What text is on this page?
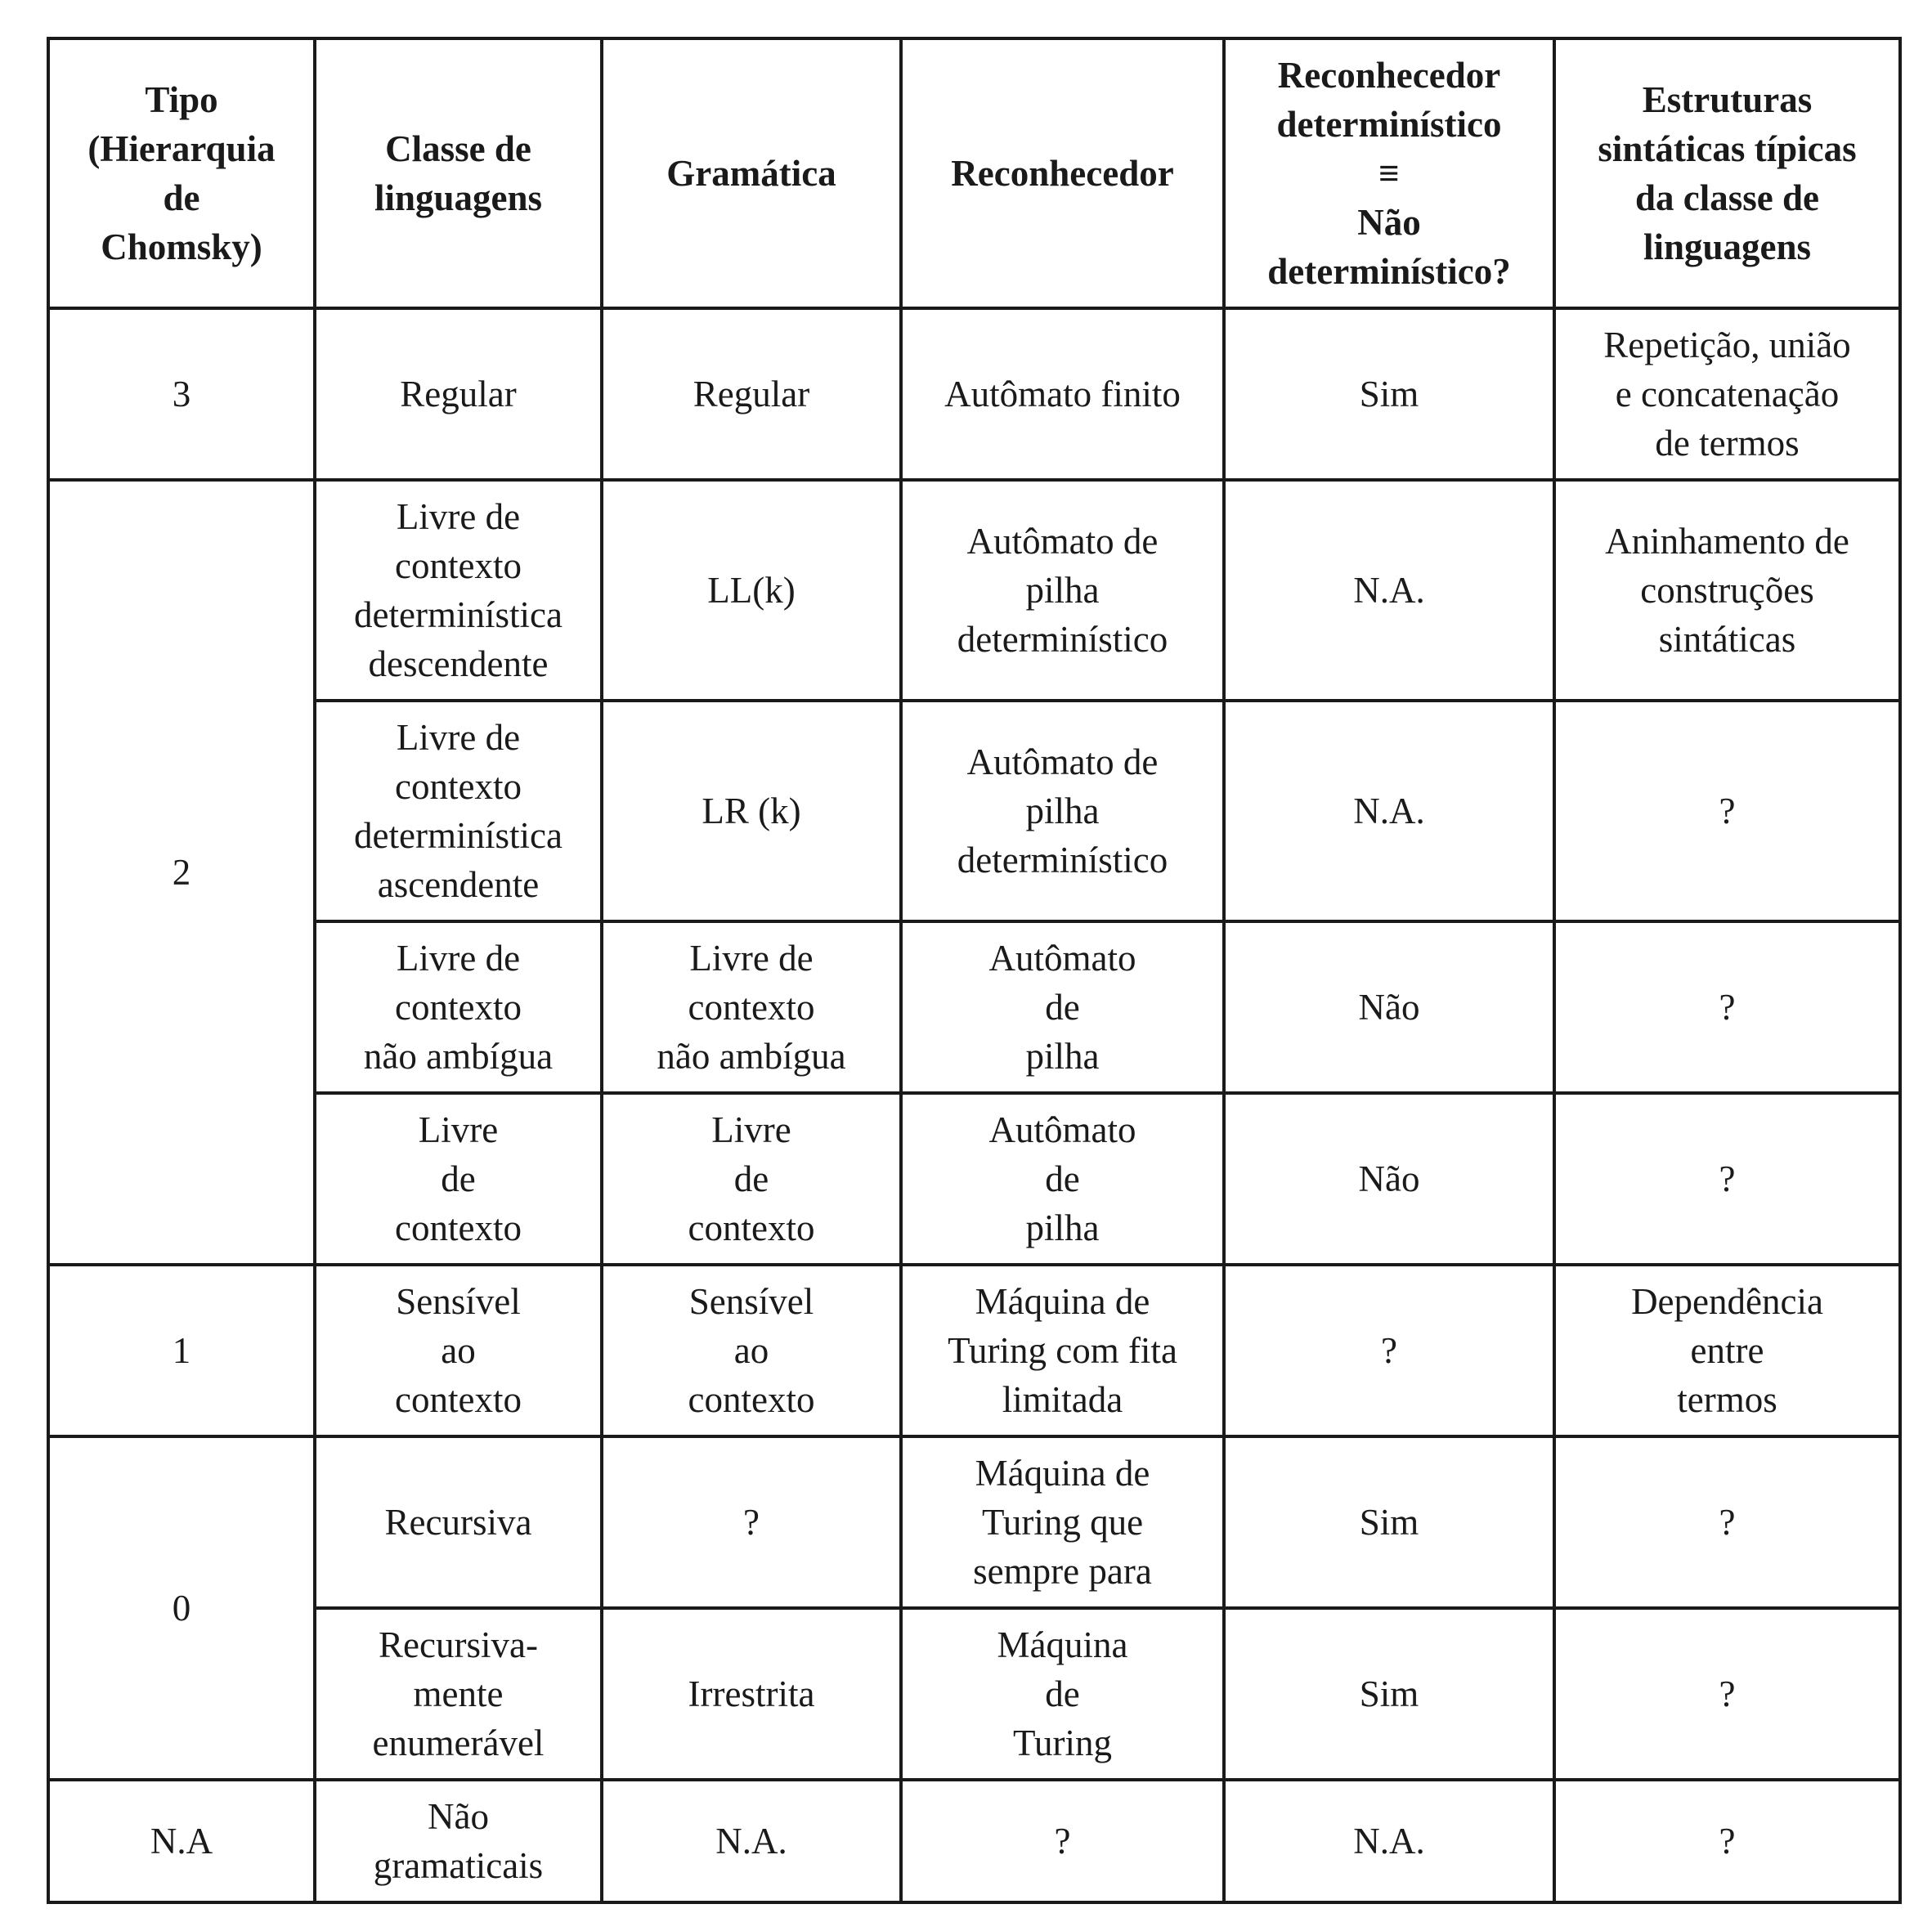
Tipo
(Hierarquia
de
Chomsky)	Classe de
linguagens	Gramática	Reconhecedor	Reconhecedor
determinístico
≡
Não
determinístico?	Estruturas
sintáticas típicas
da classe de
linguagens
3	Regular	Regular	Autômato finito	Sim	Repetição, união
e concatenação
de termos
2	Livre de
contexto
determinística
descendente	LL(k)	Autômato de
pilha
determinístico	N.A.	Aninhamento de
construções
sintáticas
	Livre de
contexto
determinística
ascendente	LR (k)	Autômato de
pilha
determinístico	N.A.	?
	Livre de
contexto
não ambígua	Livre de
contexto
não ambígua	Autômato
de
pilha	Não	?
	Livre
de
contexto	Livre
de
contexto	Autômato
de
pilha	Não	?
1	Sensível
ao
contexto	Sensível
ao
contexto	Máquina de
Turing com fita
limitada	?	Dependência
entre
termos
0	Recursiva	?	Máquina de
Turing que
sempre para	Sim	?
	Recursiva-
mente
enumerável	Irrestrita	Máquina
de
Turing	Sim	?
N.A	Não
gramaticais	N.A.	?	N.A.	?
